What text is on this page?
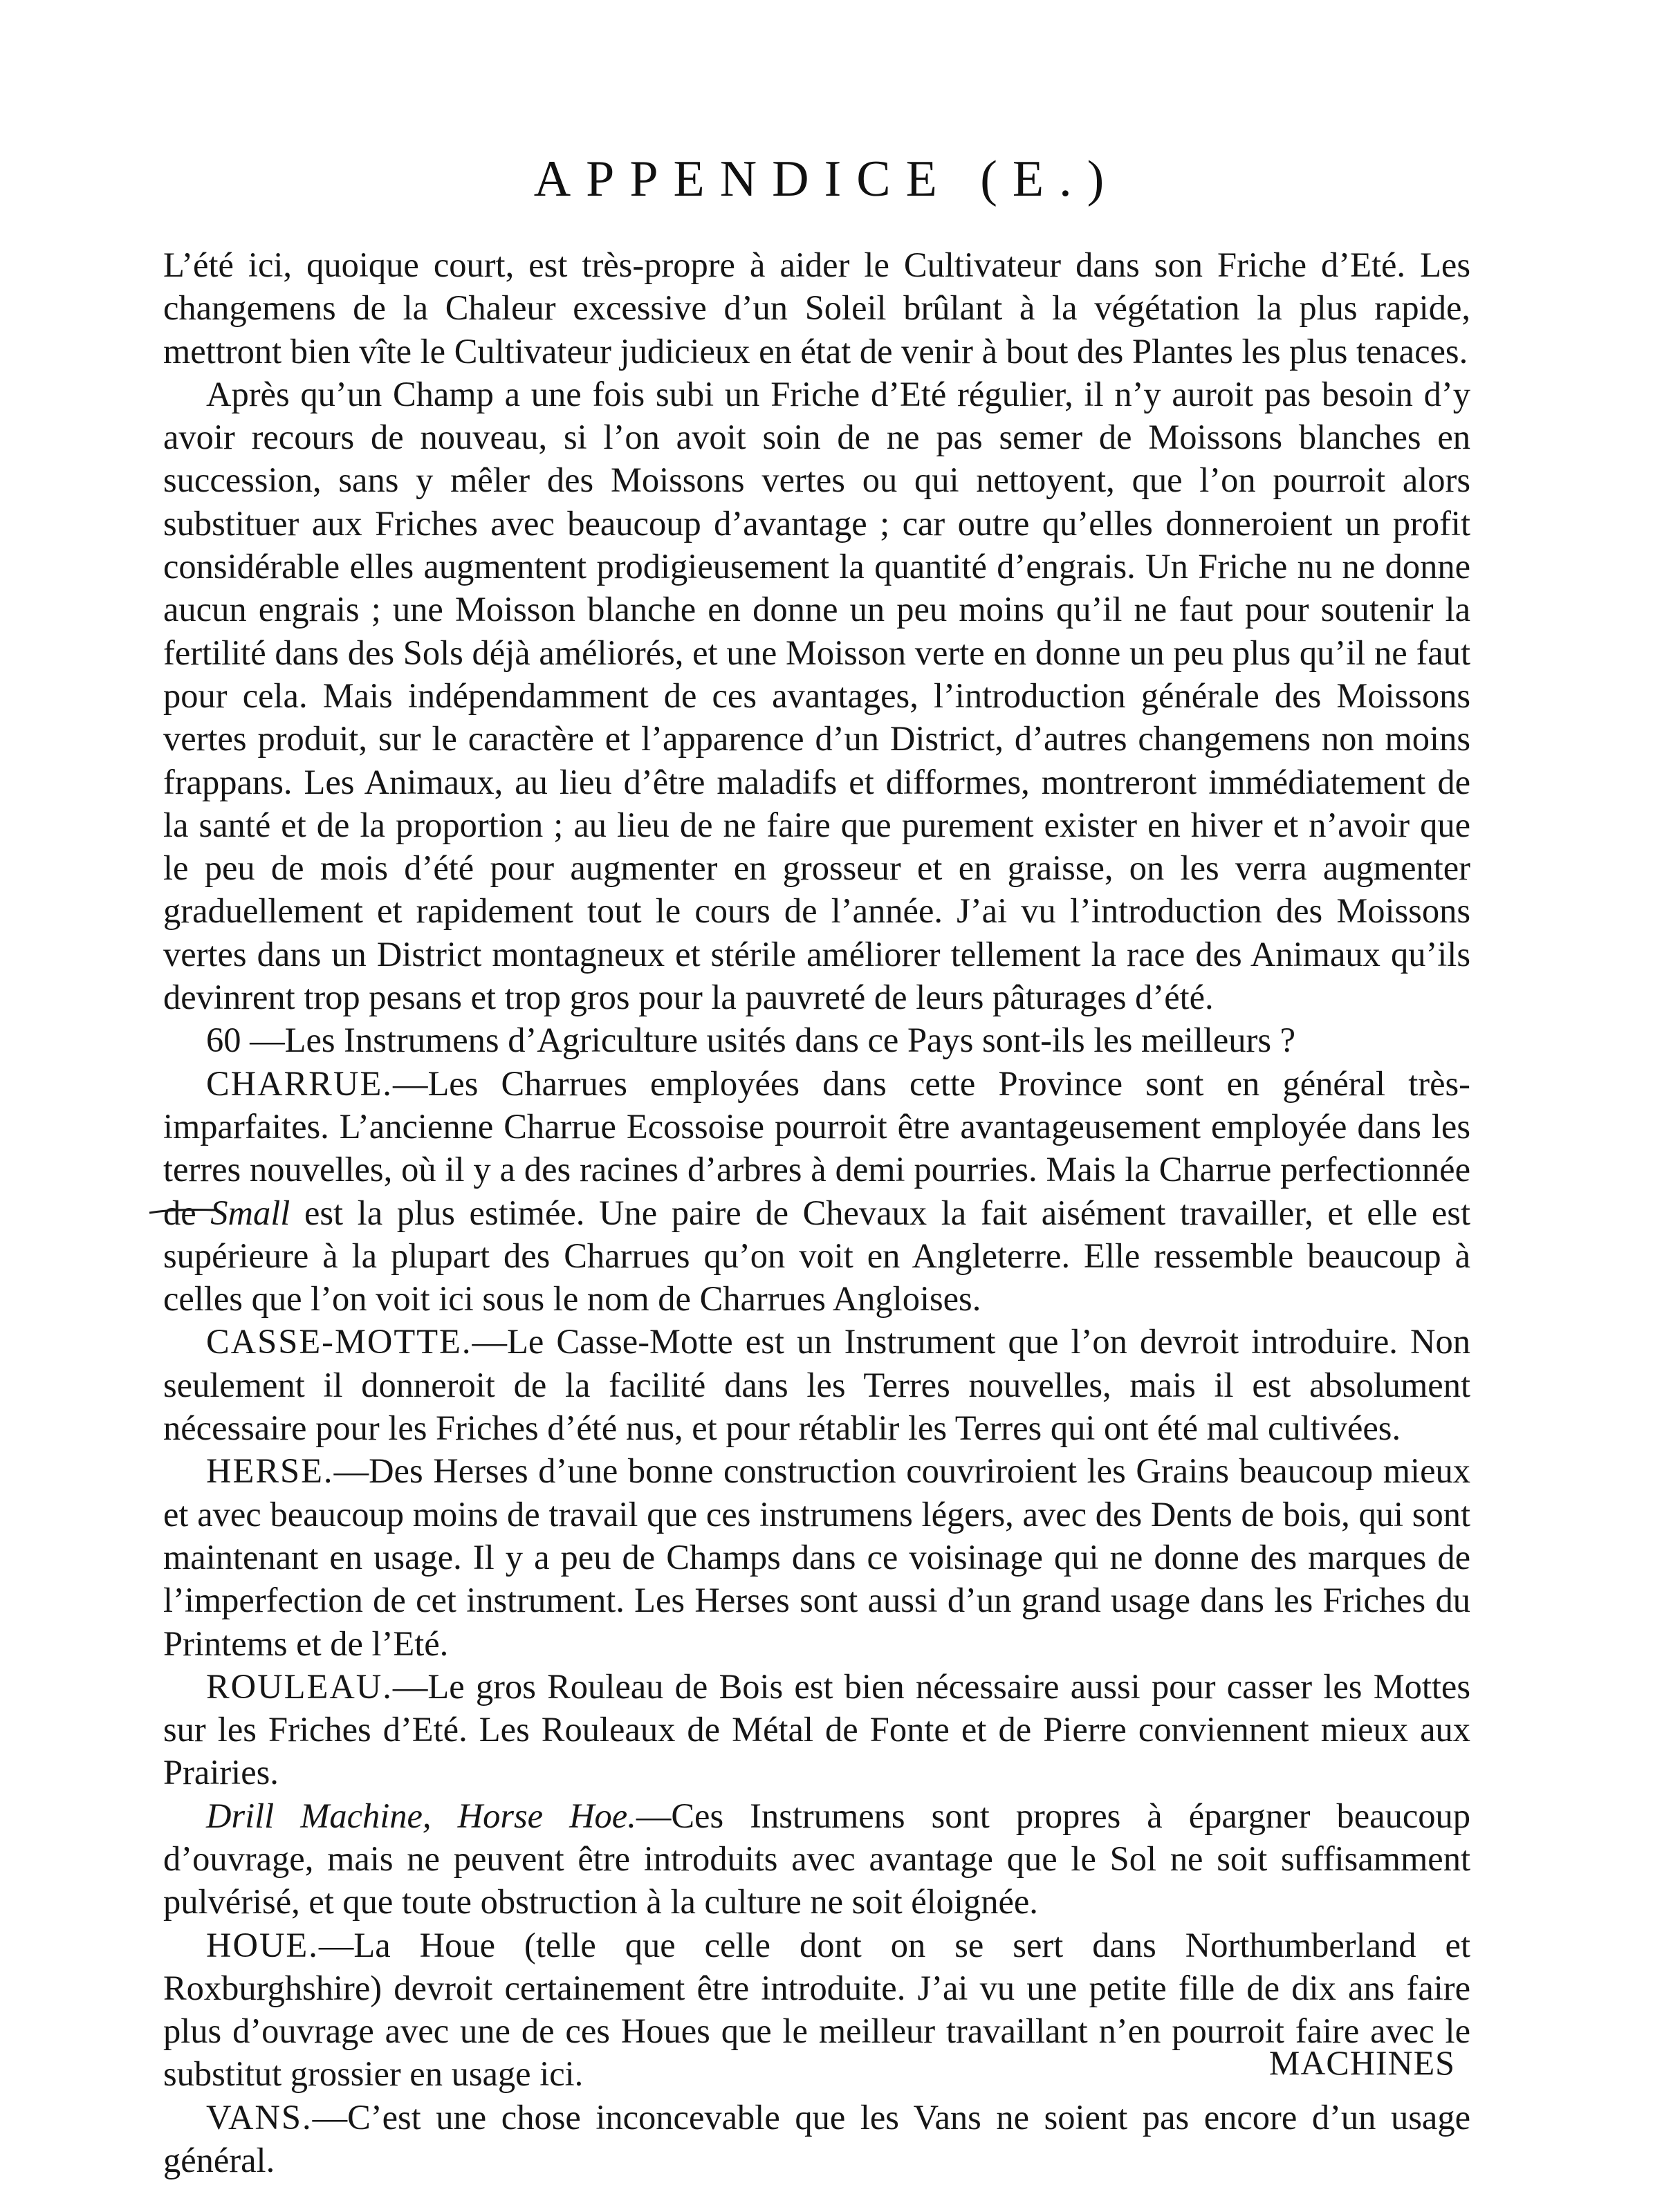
APPENDICE (E.)

L’été ici, quoique court, est très-propre à aider le Cultivateur dans son Friche d’Eté. Les changemens de la Chaleur excessive d’un Soleil brûlant à la végétation la plus rapide, mettront bien vîte le Cultivateur judicieux en état de venir à bout des Plantes les plus tenaces.

Après qu’un Champ a une fois subi un Friche d’Eté régulier, il n’y auroit pas besoin d’y avoir recours de nouveau, si l’on avoit soin de ne pas semer de Moissons blanches en succession, sans y mêler des Moissons vertes ou qui nettoyent, que l’on pourroit alors substituer aux Friches avec beaucoup d’avantage ; car outre qu’elles donneroient un profit considérable elles augmentent prodigieusement la quantité d’engrais. Un Friche nu ne donne aucun engrais ; une Moisson blanche en donne un peu moins qu’il ne faut pour soutenir la fertilité dans des Sols déjà améliorés, et une Moisson verte en donne un peu plus qu’il ne faut pour cela. Mais indépendamment de ces avantages, l’introduction générale des Moissons vertes produit, sur le caractère et l’apparence d’un District, d’autres changemens non moins frappans. Les Animaux, au lieu d’être maladifs et difformes, montreront immédiatement de la santé et de la proportion ; au lieu de ne faire que purement exister en hiver et n’avoir que le peu de mois d’été pour augmenter en grosseur et en graisse, on les verra augmenter graduellement et rapidement tout le cours de l’année. J’ai vu l’introduction des Moissons vertes dans un District montagneux et stérile améliorer tellement la race des Animaux qu’ils devinrent trop pesans et trop gros pour la pauvreté de leurs pâturages d’été.

60 —Les Instrumens d’Agriculture usités dans ce Pays sont-ils les meilleurs ?

CHARRUE.—Les Charrues employées dans cette Province sont en général très-imparfaites. L’ancienne Charrue Ecossoise pourroit être avantageusement employée dans les terres nouvelles, où il y a des racines d’arbres à demi pourries. Mais la Charrue perfectionnée de Small est la plus estimée. Une paire de Chevaux la fait aisément travailler, et elle est supérieure à la plupart des Charrues qu’on voit en Angleterre. Elle ressemble beaucoup à celles que l’on voit ici sous le nom de Charrues Angloises.

CASSE-MOTTE.—Le Casse-Motte est un Instrument que l’on devroit introduire. Non seulement il donneroit de la facilité dans les Terres nouvelles, mais il est absolument nécessaire pour les Friches d’été nus, et pour rétablir les Terres qui ont été mal cultivées.

HERSE.—Des Herses d’une bonne construction couvriroient les Grains beaucoup mieux et avec beaucoup moins de travail que ces instrumens légers, avec des Dents de bois, qui sont maintenant en usage. Il y a peu de Champs dans ce voisinage qui ne donne des marques de l’imperfection de cet instrument. Les Herses sont aussi d’un grand usage dans les Friches du Printems et de l’Eté.

ROULEAU.—Le gros Rouleau de Bois est bien nécessaire aussi pour casser les Mottes sur les Friches d’Eté. Les Rouleaux de Métal de Fonte et de Pierre conviennent mieux aux Prairies.

Drill Machine, Horse Hoe.—Ces Instrumens sont propres à épargner beaucoup d’ouvrage, mais ne peuvent être introduits avec avantage que le Sol ne soit suffisamment pulvérisé, et que toute obstruction à la culture ne soit éloignée.

HOUE.—La Houe (telle que celle dont on se sert dans Northumberland et Roxburghshire) devroit certainement être introduite. J’ai vu une petite fille de dix ans faire plus d’ouvrage avec une de ces Houes que le meilleur travaillant n’en pourroit faire avec le substitut grossier en usage ici.

VANS.—C’est une chose inconcevable que les Vans ne soient pas encore d’un usage général.

MACHINES
